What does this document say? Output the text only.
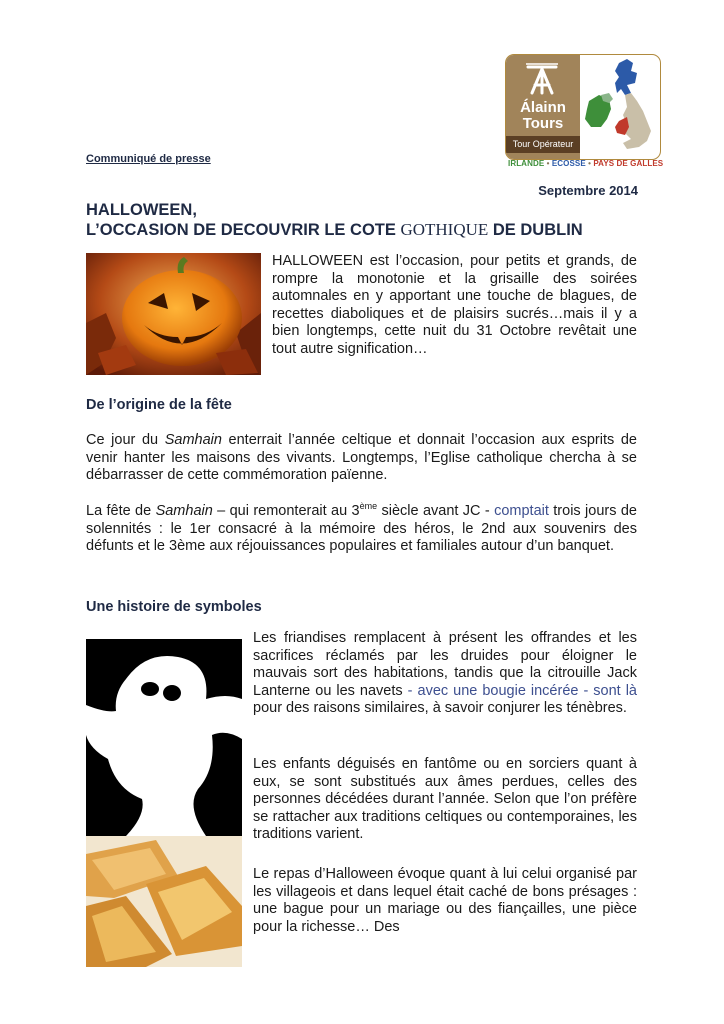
Álainn
Tours
Tour Opérateur
IRLANDE • ECOSSE • PAYS DE GALLES
Communiqué de presse
Septembre 2014
HALLOWEEN,
L’OCCASION DE DECOUVRIR LE COTE GOTHIQUE DE DUBLIN
HALLOWEEN est l’occasion, pour petits et grands, de rompre la monotonie et la grisaille des soirées automnales en y apportant une touche de blagues, de recettes diaboliques et de plaisirs sucrés…mais il y a bien longtemps, cette nuit du 31 Octobre revêtait une tout autre signification…
De l’origine de la fête
Ce jour du Samhain enterrait l’année celtique et donnait l’occasion aux esprits de venir hanter les maisons des vivants. Longtemps, l’Eglise catholique chercha à se débarrasser de cette commémoration païenne.
La fête de Samhain – qui remonterait au 3ème siècle avant JC - comptait trois jours de solennités : le 1er consacré à la mémoire des héros, le 2nd aux souvenirs des défunts et le 3ème aux réjouissances populaires et familiales autour d’un banquet.
Une histoire de symboles
Les friandises remplacent à présent les offrandes et les sacrifices réclamés par les druides pour éloigner le mauvais sort des habitations, tandis que la citrouille Jack Lanterne ou les navets - avec une bougie incérée - sont là pour des raisons similaires, à savoir conjurer les ténèbres.
Les enfants déguisés en fantôme ou en sorciers quant à eux, se sont substitués aux âmes perdues, celles des personnes décédées durant l’année. Selon que l’on préfère se rattacher aux traditions celtiques ou contemporaines, les traditions varient.
Le repas d’Halloween évoque quant à lui celui organisé par les villageois et dans lequel était caché de bons présages : une bague pour un mariage ou des fiançailles, une pièce pour la richesse… Des
